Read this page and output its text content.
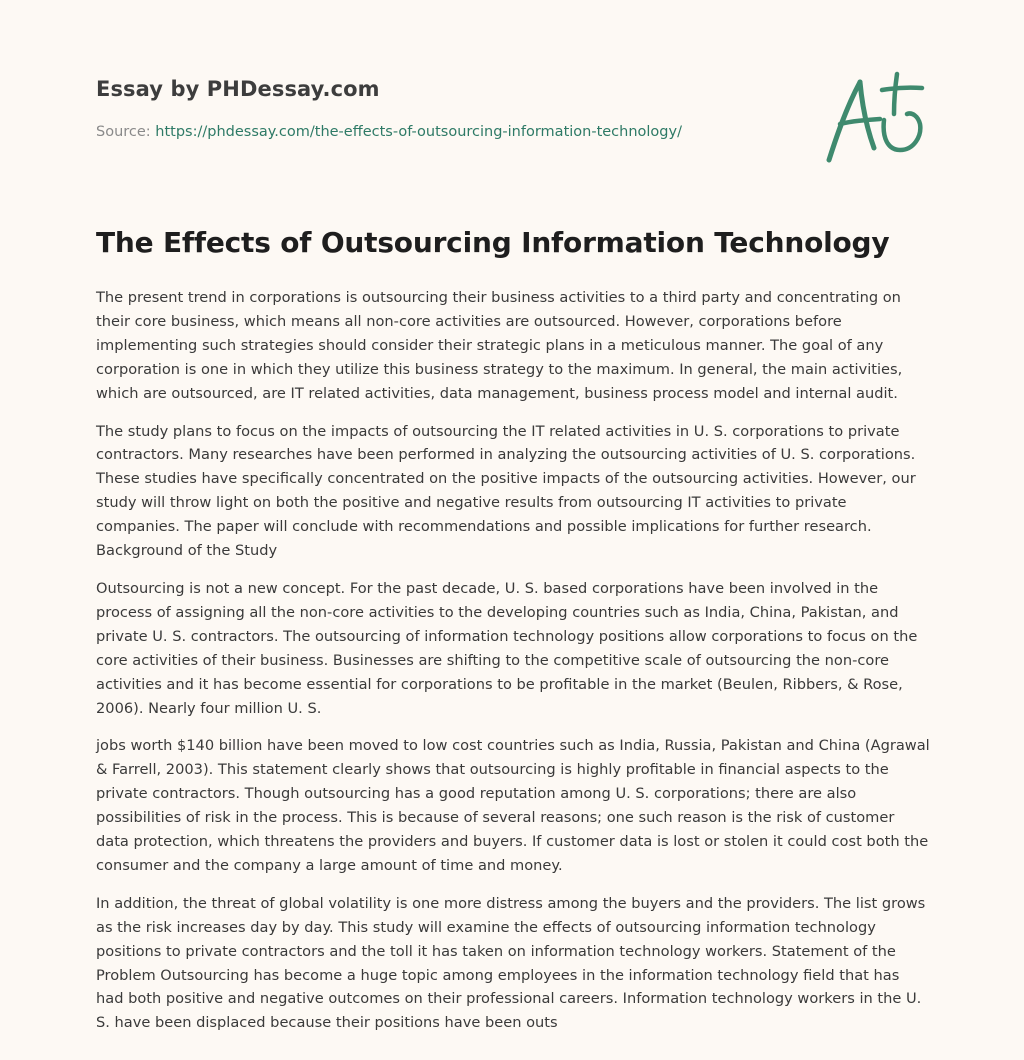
Essay by PHDessay.com
Source: https://phdessay.com/the-effects-of-outsourcing-information-technology/
The Effects of Outsourcing Information Technology

The present trend in corporations is outsourcing their business activities to a third party and concentrating on their core business, which means all non-core activities are outsourced. However, corporations before implementing such strategies should consider their strategic plans in a meticulous manner. The goal of any corporation is one in which they utilize this business strategy to the maximum. In general, the main activities, which are outsourced, are IT related activities, data management, business process model and internal audit.

The study plans to focus on the impacts of outsourcing the IT related activities in U. S. corporations to private contractors. Many researches have been performed in analyzing the outsourcing activities of U. S. corporations. These studies have specifically concentrated on the positive impacts of the outsourcing activities. However, our study will throw light on both the positive and negative results from outsourcing IT activities to private companies. The paper will conclude with recommendations and possible implications for further research. Background of the Study

Outsourcing is not a new concept. For the past decade, U. S. based corporations have been involved in the process of assigning all the non-core activities to the developing countries such as India, China, Pakistan, and private U. S. contractors. The outsourcing of information technology positions allow corporations to focus on the core activities of their business. Businesses are shifting to the competitive scale of outsourcing the non-core activities and it has become essential for corporations to be profitable in the market (Beulen, Ribbers, & Rose, 2006). Nearly four million U. S.

jobs worth $140 billion have been moved to low cost countries such as India, Russia, Pakistan and China (Agrawal & Farrell, 2003). This statement clearly shows that outsourcing is highly profitable in financial aspects to the private contractors. Though outsourcing has a good reputation among U. S. corporations; there are also possibilities of risk in the process. This is because of several reasons; one such reason is the risk of customer data protection, which threatens the providers and buyers. If customer data is lost or stolen it could cost both the consumer and the company a large amount of time and money.

In addition, the threat of global volatility is one more distress among the buyers and the providers. The list grows as the risk increases day by day. This study will examine the effects of outsourcing information technology positions to private contractors and the toll it has taken on information technology workers. Statement of the Problem Outsourcing has become a huge topic among employees in the information technology field that has had both positive and negative outcomes on their professional careers. Information technology workers in the U. S. have been displaced because their positions have been outs
